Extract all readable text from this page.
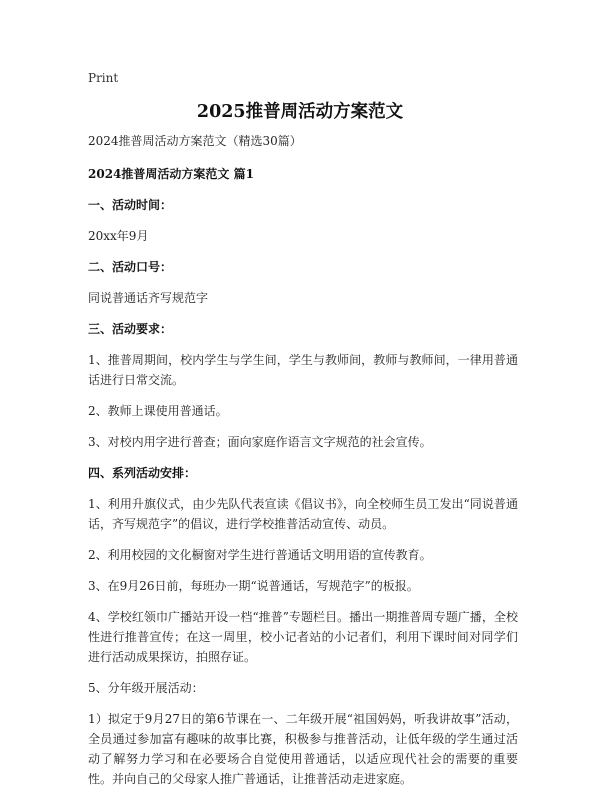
Print
2025推普周活动方案范文

2024推普周活动方案范文（精选30篇）

2024推普周活动方案范文 篇1

一、活动时间：

20xx年9月

二、活动口号：

同说普通话齐写规范字

三、活动要求：

1、推普周期间，校内学生与学生间，学生与教师间，教师与教师间，一律用普通话进行日常交流。

2、教师上课使用普通话。

3、对校内用字进行普查；面向家庭作语言文字规范的社会宣传。

四、系列活动安排：

1、利用升旗仪式，由少先队代表宣读《倡议书》，向全校师生员工发出“同说普通话，齐写规范字”的倡议，进行学校推普活动宣传、动员。

2、利用校园的文化橱窗对学生进行普通话文明用语的宣传教育。

3、在9月26日前，每班办一期“说普通话，写规范字”的板报。

4、学校红领巾广播站开设一档“推普”专题栏目。播出一期推普周专题广播，全校性进行推普宣传；在这一周里，校小记者站的小记者们，利用下课时间对同学们进行活动成果探访，拍照存证。

5、分年级开展活动：

1）拟定于9月27日的第6节课在一、二年级开展“祖国妈妈，听我讲故事”活动，全员通过参加富有趣味的故事比赛，积极参与推普活动，让低年级的学生通过活动了解努力学习和在必要场合自觉使用普通话，以适应现代社会的需要的重要性。并向自己的父母家人推广普通话，让推普活动走进家庭。
